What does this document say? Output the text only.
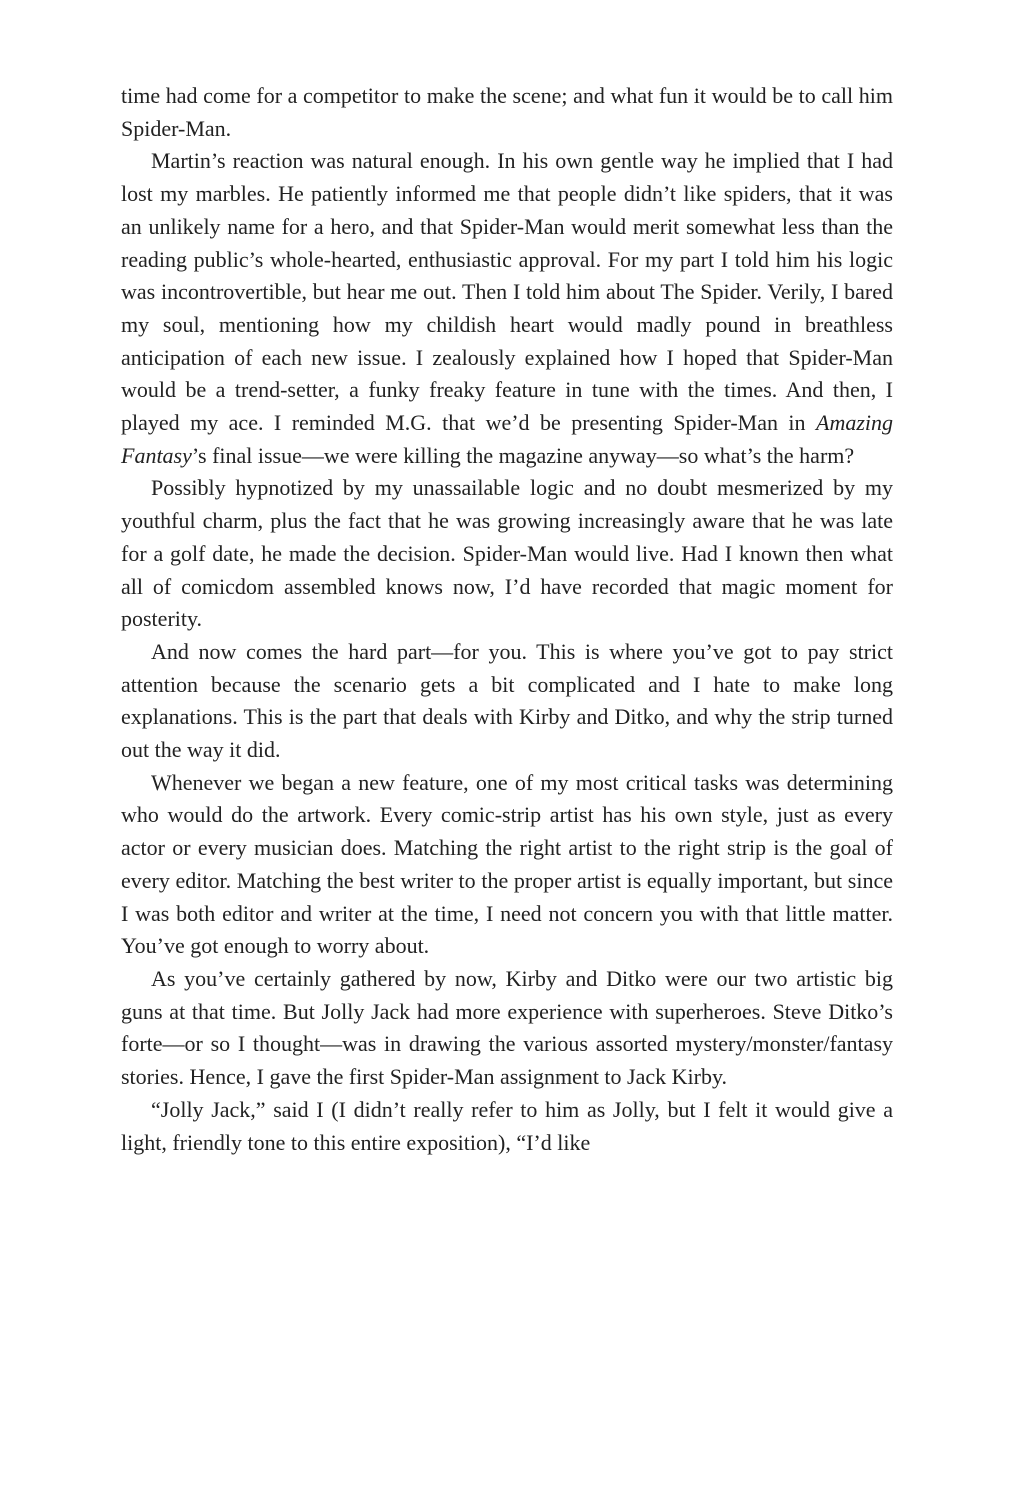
time had come for a competitor to make the scene; and what fun it would be to call him Spider-Man.

Martin’s reaction was natural enough. In his own gentle way he implied that I had lost my marbles. He patiently informed me that people didn’t like spiders, that it was an unlikely name for a hero, and that Spider-Man would merit somewhat less than the reading public’s whole-hearted, enthusiastic approval. For my part I told him his logic was incontrovertible, but hear me out. Then I told him about The Spider. Verily, I bared my soul, mentioning how my childish heart would madly pound in breathless anticipation of each new issue. I zealously explained how I hoped that Spider-Man would be a trend-setter, a funky freaky feature in tune with the times. And then, I played my ace. I reminded M.G. that we’d be presenting Spider-Man in Amazing Fantasy’s final issue—we were killing the magazine anyway—so what’s the harm?

Possibly hypnotized by my unassailable logic and no doubt mesmerized by my youthful charm, plus the fact that he was growing increasingly aware that he was late for a golf date, he made the decision. Spider-Man would live. Had I known then what all of comicdom assembled knows now, I’d have recorded that magic moment for posterity.

And now comes the hard part—for you. This is where you’ve got to pay strict attention because the scenario gets a bit complicated and I hate to make long explanations. This is the part that deals with Kirby and Ditko, and why the strip turned out the way it did.

Whenever we began a new feature, one of my most critical tasks was determining who would do the artwork. Every comic-strip artist has his own style, just as every actor or every musician does. Matching the right artist to the right strip is the goal of every editor. Matching the best writer to the proper artist is equally important, but since I was both editor and writer at the time, I need not concern you with that little matter. You’ve got enough to worry about.

As you’ve certainly gathered by now, Kirby and Ditko were our two artistic big guns at that time. But Jolly Jack had more experience with superheroes. Steve Ditko’s forte—or so I thought—was in drawing the various assorted mystery/monster/fantasy stories. Hence, I gave the first Spider-Man assignment to Jack Kirby.

“Jolly Jack,” said I (I didn’t really refer to him as Jolly, but I felt it would give a light, friendly tone to this entire exposition), “I’d like
